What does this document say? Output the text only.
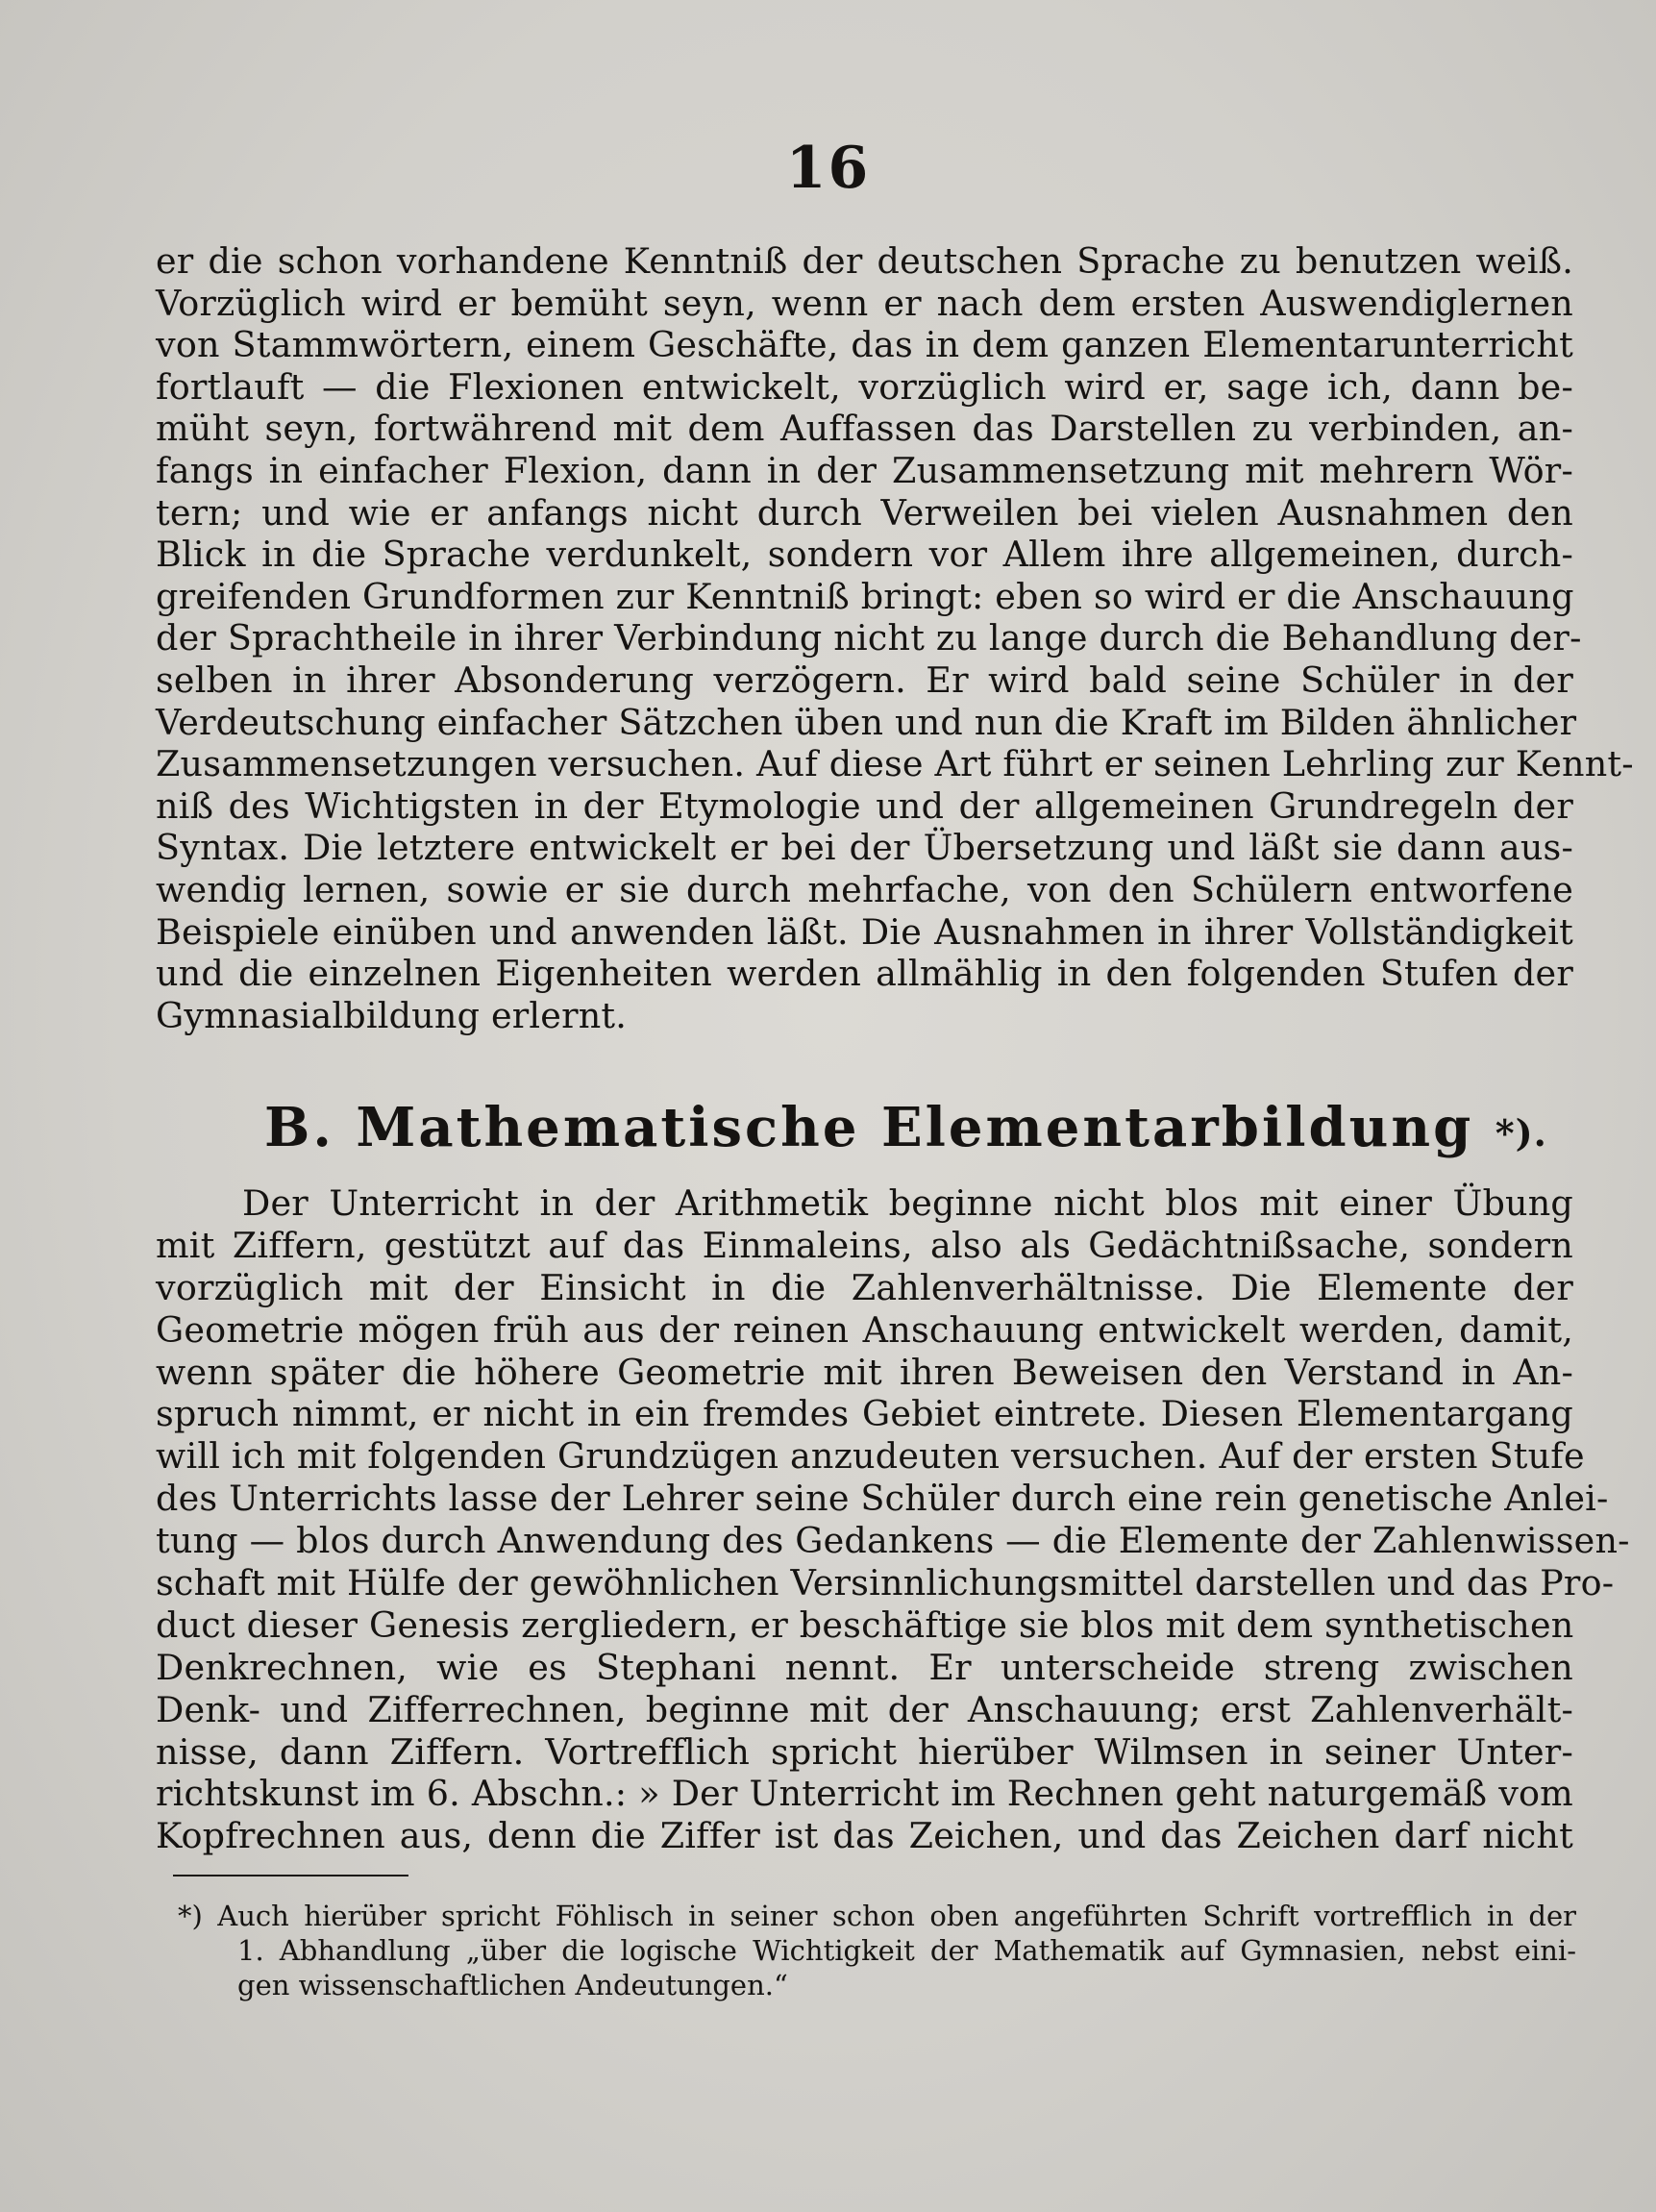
16
er die schon vorhandene Kenntniß der deutschen Sprache zu benutzen weiß.
Vorzüglich wird er bemüht seyn, wenn er nach dem ersten Auswendiglernen
von Stammwörtern, einem Geschäfte, das in dem ganzen Elementarunterricht
fortlauft — die Flexionen entwickelt, vorzüglich wird er, sage ich, dann be-
müht seyn, fortwährend mit dem Auffassen das Darstellen zu verbinden, an-
fangs in einfacher Flexion, dann in der Zusammensetzung mit mehrern Wör-
tern; und wie er anfangs nicht durch Verweilen bei vielen Ausnahmen den
Blick in die Sprache verdunkelt, sondern vor Allem ihre allgemeinen, durch-
greifenden Grundformen zur Kenntniß bringt: eben so wird er die Anschauung
der Sprachtheile in ihrer Verbindung nicht zu lange durch die Behandlung der-
selben in ihrer Absonderung verzögern. Er wird bald seine Schüler in der
Verdeutschung einfacher Sätzchen üben und nun die Kraft im Bilden ähnlicher
Zusammensetzungen versuchen. Auf diese Art führt er seinen Lehrling zur Kennt-
niß des Wichtigsten in der Etymologie und der allgemeinen Grundregeln der
Syntax. Die letztere entwickelt er bei der Übersetzung und läßt sie dann aus-
wendig lernen, sowie er sie durch mehrfache, von den Schülern entworfene
Beispiele einüben und anwenden läßt. Die Ausnahmen in ihrer Vollständigkeit
und die einzelnen Eigenheiten werden allmählig in den folgenden Stufen der
Gymnasialbildung erlernt.
B. Mathematische Elementarbildung *).
Der Unterricht in der Arithmetik beginne nicht blos mit einer Übung
mit Ziffern, gestützt auf das Einmaleins, also als Gedächtnißsache, sondern
vorzüglich mit der Einsicht in die Zahlenverhältnisse. Die Elemente der
Geometrie mögen früh aus der reinen Anschauung entwickelt werden, damit,
wenn später die höhere Geometrie mit ihren Beweisen den Verstand in An-
spruch nimmt, er nicht in ein fremdes Gebiet eintrete. Diesen Elementargang
will ich mit folgenden Grundzügen anzudeuten versuchen. Auf der ersten Stufe
des Unterrichts lasse der Lehrer seine Schüler durch eine rein genetische Anlei-
tung — blos durch Anwendung des Gedankens — die Elemente der Zahlenwissen-
schaft mit Hülfe der gewöhnlichen Versinnlichungsmittel darstellen und das Pro-
duct dieser Genesis zergliedern, er beschäftige sie blos mit dem synthetischen
Denkrechnen, wie es Stephani nennt. Er unterscheide streng zwischen
Denk- und Zifferrechnen, beginne mit der Anschauung; erst Zahlenverhält-
nisse, dann Ziffern. Vortrefflich spricht hierüber Wilmsen in seiner Unter-
richtskunst im 6. Abschn.: » Der Unterricht im Rechnen geht naturgemäß vom
Kopfrechnen aus, denn die Ziffer ist das Zeichen, und das Zeichen darf nicht
*) Auch hierüber spricht Föhlisch in seiner schon oben angeführten Schrift vortrefflich in der
1. Abhandlung „über die logische Wichtigkeit der Mathematik auf Gymnasien, nebst eini-
gen wissenschaftlichen Andeutungen.“
